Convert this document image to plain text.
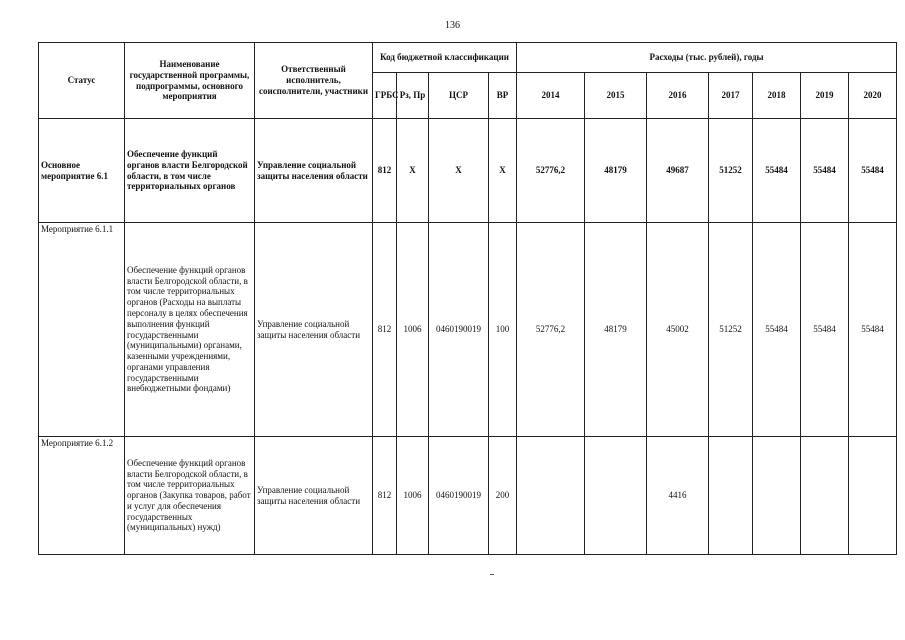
136
Статус	Наименование государственной программы, подпрограммы, основного мероприятия	Ответственный исполнитель, соисполнители, участники	Код бюджетной классификации				Расходы (тыс. рублей), годы						
			ГРБС	Рз, Пр	ЦСР	ВР	2014	2015	2016	2017	2018	2019	2020
Основное мероприятие 6.1	Обеспечение функций органов власти Белгородской области, в том числе территориальных органов	Управление социальной защиты населения области	812	Х	Х	Х	52776,2	48179	49687	51252	55484	55484	55484
Мероприятие 6.1.1	Обеспечение функций органов власти Белгородской области, в том числе территориальных органов (Расходы на выплаты персоналу в целях обеспечения выполнения функций государственными (муниципальными) органами, казенными учреждениями, органами управления государственными внебюджетными фондами)	Управление социальной защиты населения области	812	1006	0460190019	100	52776,2	48179	45002	51252	55484	55484	55484
Мероприятие 6.1.2	Обеспечение функций органов власти Белгородской области, в том числе территориальных органов (Закупка товаров, работ и услуг для обеспечения государственных (муниципальных) нужд)	Управление социальной защиты населения области	812	1006	0460190019	200			4416				
